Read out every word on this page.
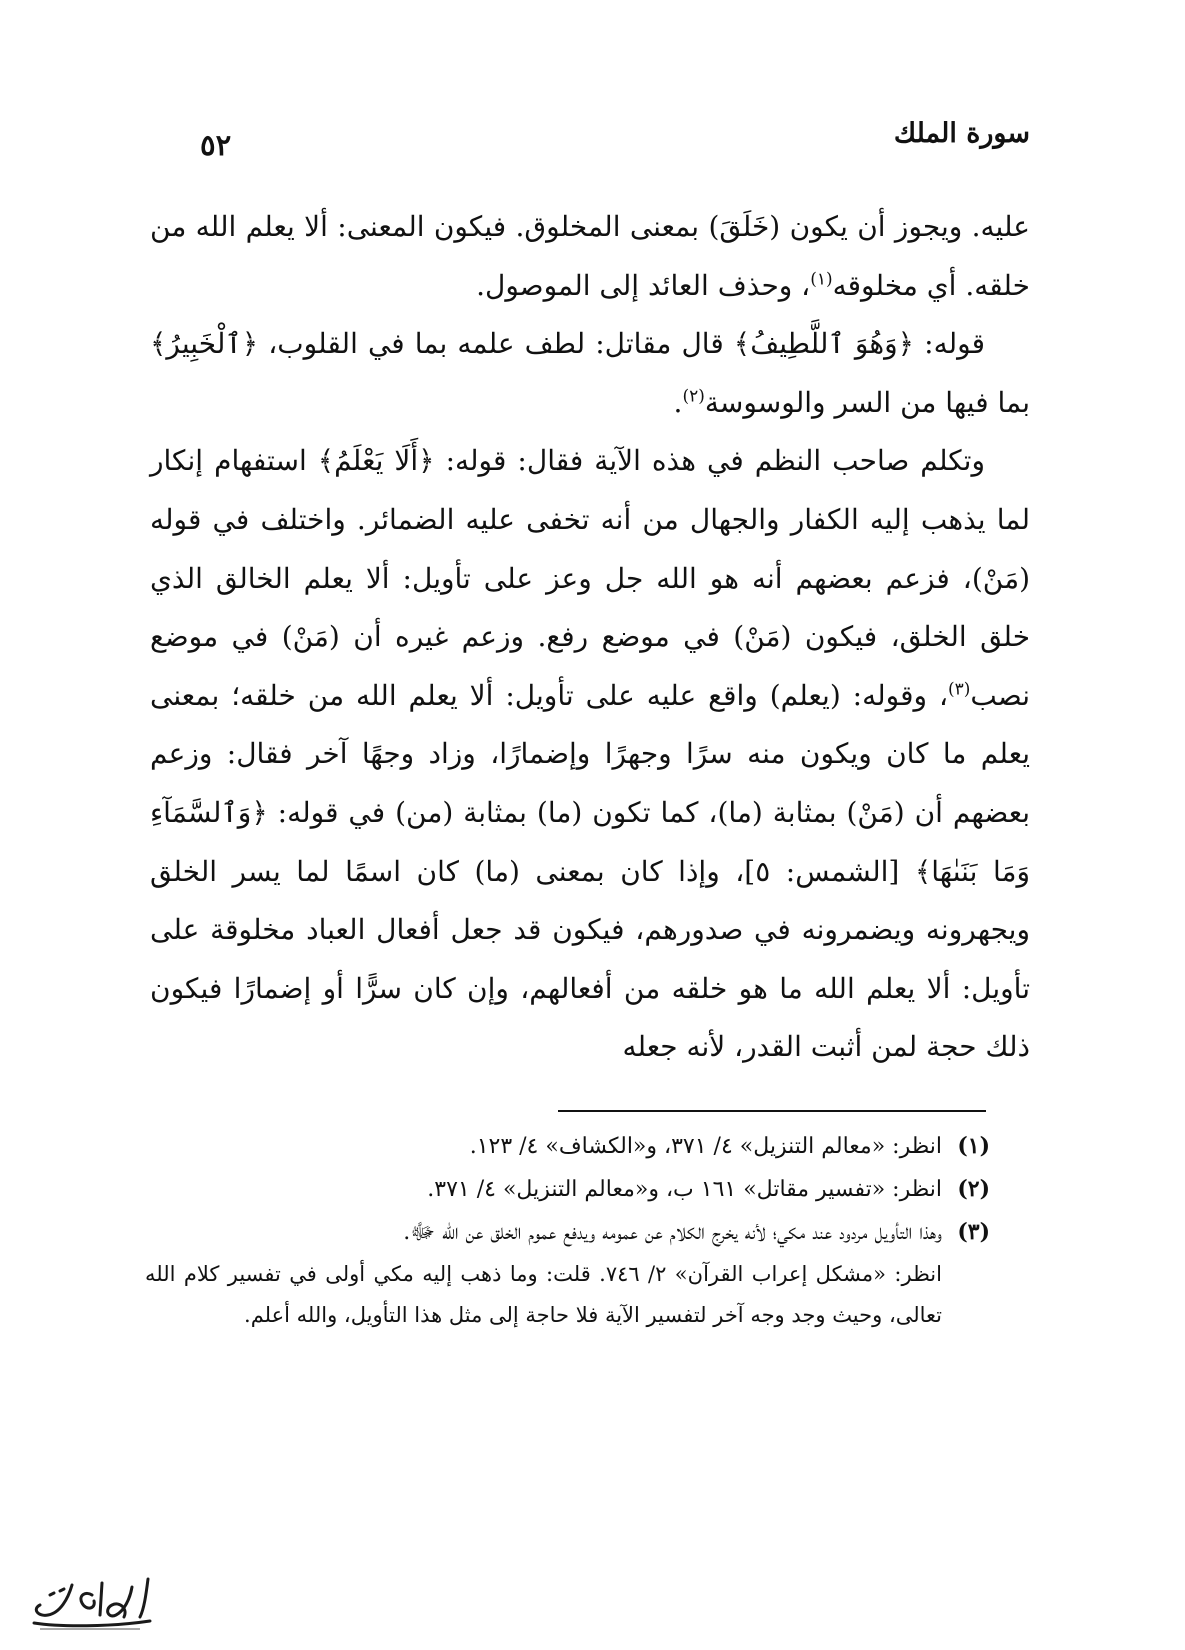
سورة الملك
٥٢

عليه. ويجوز أن يكون (خَلَقَ) بمعنى المخلوق. فيكون المعنى: ألا يعلم الله من خلقه. أي مخلوقه$^{(١)}$، وحذف العائد إلى الموصول.

قوله: ﴿وَهُوَ ٱللَّطِيفُ﴾ قال مقاتل: لطف علمه بما في القلوب، ﴿ٱلْخَبِيرُ﴾ بما فيها من السر والوسوسة$^{(٢)}$.

وتكلم صاحب النظم في هذه الآية فقال: قوله: ﴿أَلَا يَعْلَمُ﴾ استفهام إنكار لما يذهب إليه الكفار والجهال من أنه تخفى عليه الضمائر. واختلف في قوله (مَنْ)، فزعم بعضهم أنه هو الله جل وعز على تأويل: ألا يعلم الخالق الذي خلق الخلق، فيكون (مَنْ) في موضع رفع. وزعم غيره أن (مَنْ) في موضع نصب$^{(٣)}$، وقوله: (يعلم) واقع عليه على تأويل: ألا يعلم الله من خلقه؛ بمعنى يعلم ما كان ويكون منه سرًا وجهرًا وإضمارًا، وزاد وجهًا آخر فقال: وزعم بعضهم أن (مَنْ) بمثابة (ما)، كما تكون (ما) بمثابة (من) في قوله: ﴿وَٱلسَّمَآءِ وَمَا بَنَىٰهَا﴾ [الشمس: ٥]، وإذا كان بمعنى (ما) كان اسمًا لما يسر الخلق ويجهرونه ويضمرونه في صدورهم، فيكون قد جعل أفعال العباد مخلوقة على تأويل: ألا يعلم الله ما هو خلقه من أفعالهم، وإن كان سرًّا أو إضمارًا فيكون ذلك حجة لمن أثبت القدر، لأنه جعله

(١)
انظر: «معالم التنزيل» ٤/ ٣٧١، و«الكشاف» ٤/ ١٢٣.
(٢)
انظر: «تفسير مقاتل» ١٦١ ب، و«معالم التنزيل» ٤/ ٣٧١.
(٣)
وهذا التأويل مردود عند مكي؛ لأنه يخرج الكلام عن عمومه ويدفع عموم الخلق عن الله ﷻ.
انظر: «مشكل إعراب القرآن» ٢/ ٧٤٦. قلت: وما ذهب إليه مكي أولى في تفسير كلام الله تعالى، وحيث وجد وجه آخر لتفسير الآية فلا حاجة إلى مثل هذا التأويل، والله أعلم.
